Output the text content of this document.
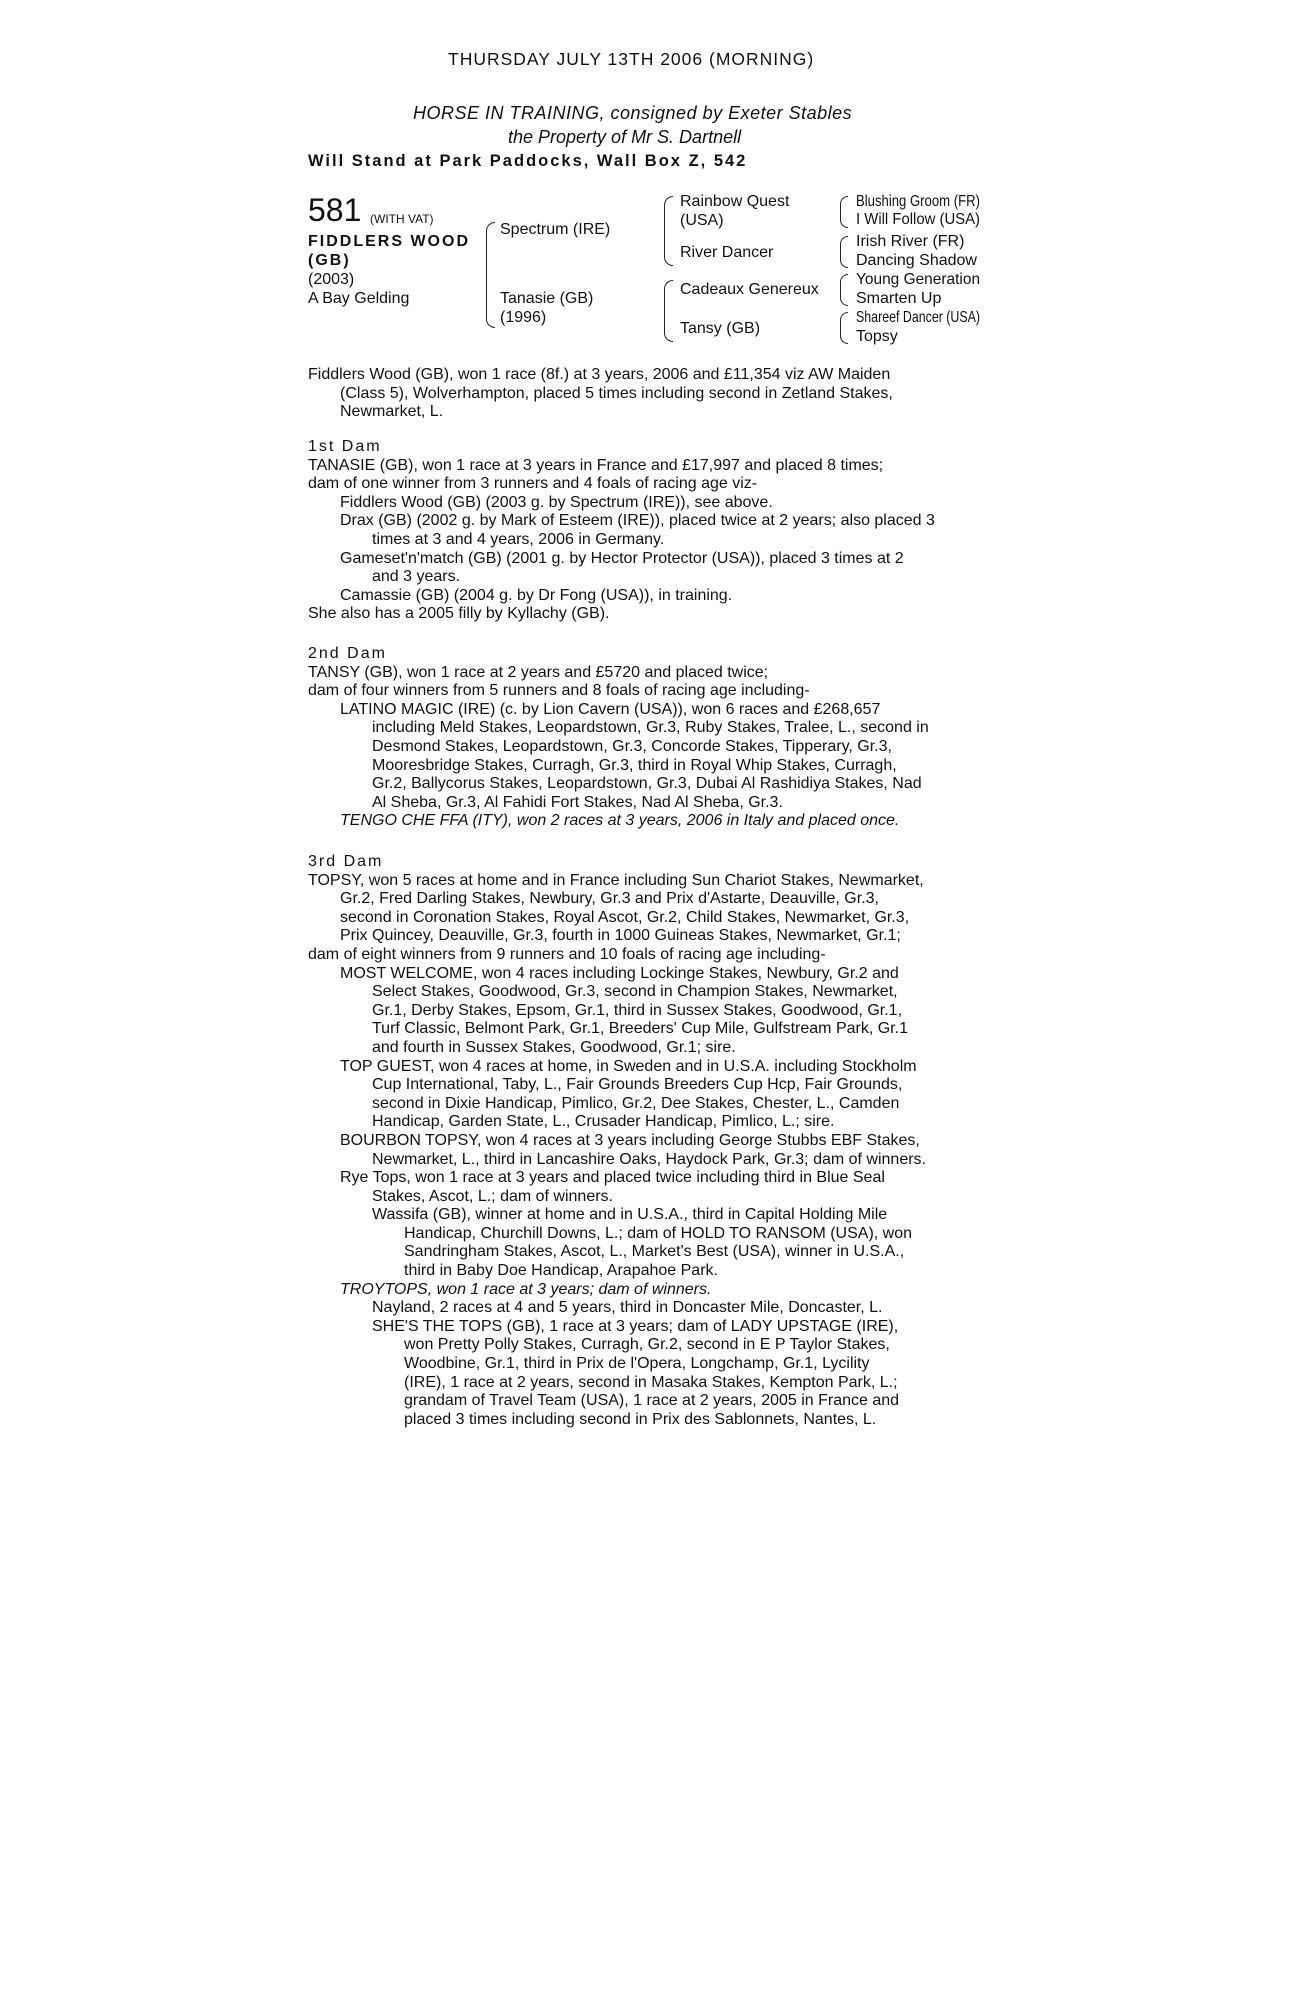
THURSDAY JULY 13TH 2006 (MORNING)
HORSE IN TRAINING, consigned by Exeter Stables
the Property of Mr S. Dartnell
Will Stand at Park Paddocks, Wall Box Z, 542
581 (WITH VAT)
FIDDLERS WOOD
(GB)
(2003)
A Bay Gelding
Spectrum (IRE)
Tanasie (GB)
(1996)
Rainbow Quest
(USA)
River Dancer
Cadeaux Genereux
Tansy (GB)
Blushing Groom (FR)
I Will Follow (USA)
Irish River (FR)
Dancing Shadow
Young Generation
Smarten Up
Shareef Dancer (USA)
Topsy
Fiddlers Wood (GB), won 1 race (8f.) at 3 years, 2006 and £11,354 viz AW Maiden
(Class 5), Wolverhampton, placed 5 times including second in Zetland Stakes,
Newmarket, L.
1st Dam
TANASIE (GB), won 1 race at 3 years in France and £17,997 and placed 8 times;
dam of one winner from 3 runners and 4 foals of racing age viz-
Fiddlers Wood (GB) (2003 g. by Spectrum (IRE)), see above.
Drax (GB) (2002 g. by Mark of Esteem (IRE)), placed twice at 2 years; also placed 3
times at 3 and 4 years, 2006 in Germany.
Gameset'n'match (GB) (2001 g. by Hector Protector (USA)), placed 3 times at 2
and 3 years.
Camassie (GB) (2004 g. by Dr Fong (USA)), in training.
She also has a 2005 filly by Kyllachy (GB).
2nd Dam
TANSY (GB), won 1 race at 2 years and £5720 and placed twice;
dam of four winners from 5 runners and 8 foals of racing age including-
LATINO MAGIC (IRE) (c. by Lion Cavern (USA)), won 6 races and £268,657
including Meld Stakes, Leopardstown, Gr.3, Ruby Stakes, Tralee, L., second in
Desmond Stakes, Leopardstown, Gr.3, Concorde Stakes, Tipperary, Gr.3,
Mooresbridge Stakes, Curragh, Gr.3, third in Royal Whip Stakes, Curragh,
Gr.2, Ballycorus Stakes, Leopardstown, Gr.3, Dubai Al Rashidiya Stakes, Nad
Al Sheba, Gr.3, Al Fahidi Fort Stakes, Nad Al Sheba, Gr.3.
TENGO CHE FFA (ITY), won 2 races at 3 years, 2006 in Italy and placed once.
3rd Dam
TOPSY, won 5 races at home and in France including Sun Chariot Stakes, Newmarket,
Gr.2, Fred Darling Stakes, Newbury, Gr.3 and Prix d'Astarte, Deauville, Gr.3,
second in Coronation Stakes, Royal Ascot, Gr.2, Child Stakes, Newmarket, Gr.3,
Prix Quincey, Deauville, Gr.3, fourth in 1000 Guineas Stakes, Newmarket, Gr.1;
dam of eight winners from 9 runners and 10 foals of racing age including-
MOST WELCOME, won 4 races including Lockinge Stakes, Newbury, Gr.2 and
Select Stakes, Goodwood, Gr.3, second in Champion Stakes, Newmarket,
Gr.1, Derby Stakes, Epsom, Gr.1, third in Sussex Stakes, Goodwood, Gr.1,
Turf Classic, Belmont Park, Gr.1, Breeders' Cup Mile, Gulfstream Park, Gr.1
and fourth in Sussex Stakes, Goodwood, Gr.1; sire.
TOP GUEST, won 4 races at home, in Sweden and in U.S.A. including Stockholm
Cup International, Taby, L., Fair Grounds Breeders Cup Hcp, Fair Grounds,
second in Dixie Handicap, Pimlico, Gr.2, Dee Stakes, Chester, L., Camden
Handicap, Garden State, L., Crusader Handicap, Pimlico, L.; sire.
BOURBON TOPSY, won 4 races at 3 years including George Stubbs EBF Stakes,
Newmarket, L., third in Lancashire Oaks, Haydock Park, Gr.3; dam of winners.
Rye Tops, won 1 race at 3 years and placed twice including third in Blue Seal
Stakes, Ascot, L.; dam of winners.
Wassifa (GB), winner at home and in U.S.A., third in Capital Holding Mile
Handicap, Churchill Downs, L.; dam of HOLD TO RANSOM (USA), won
Sandringham Stakes, Ascot, L., Market's Best (USA), winner in U.S.A.,
third in Baby Doe Handicap, Arapahoe Park.
TROYTOPS, won 1 race at 3 years; dam of winners.
Nayland, 2 races at 4 and 5 years, third in Doncaster Mile, Doncaster, L.
SHE'S THE TOPS (GB), 1 race at 3 years; dam of LADY UPSTAGE (IRE),
won Pretty Polly Stakes, Curragh, Gr.2, second in E P Taylor Stakes,
Woodbine, Gr.1, third in Prix de l'Opera, Longchamp, Gr.1, Lycility
(IRE), 1 race at 2 years, second in Masaka Stakes, Kempton Park, L.;
grandam of Travel Team (USA), 1 race at 2 years, 2005 in France and
placed 3 times including second in Prix des Sablonnets, Nantes, L.
